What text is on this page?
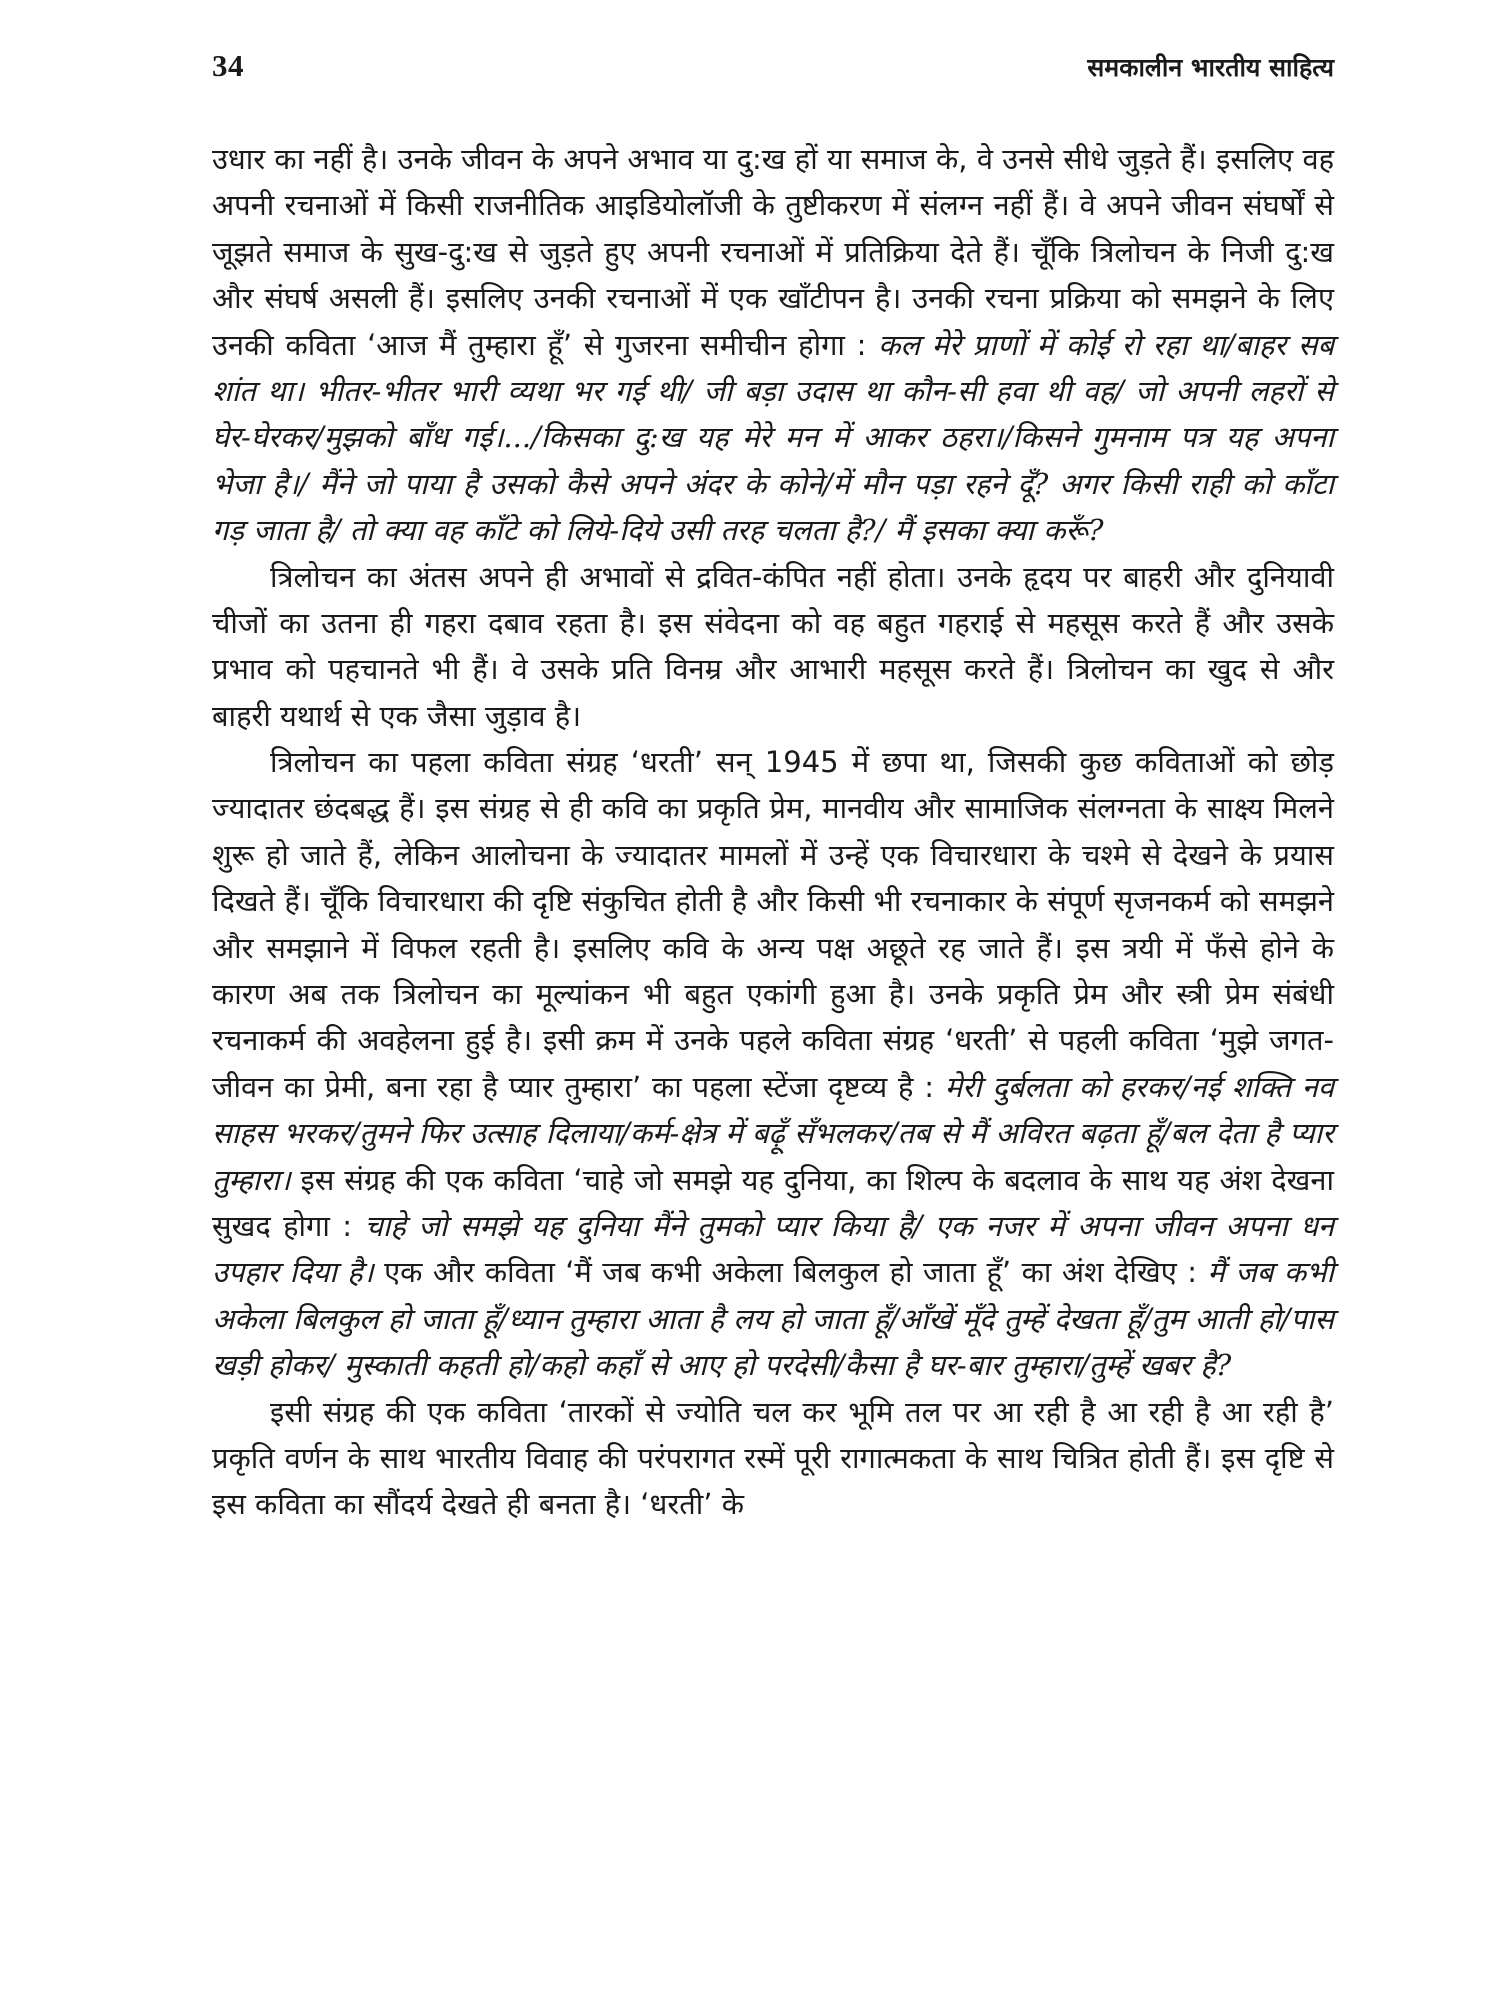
34	समकालीन भारतीय साहित्य

उधार का नहीं है। उनके जीवन के अपने अभाव या दु:ख हों या समाज के, वे उनसे सीधे जुड़ते हैं। इसलिए वह अपनी रचनाओं में किसी राजनीतिक आइडियोलॉजी के तुष्टीकरण में संलग्न नहीं हैं। वे अपने जीवन संघर्षों से जूझते समाज के सुख-दु:ख से जुड़ते हुए अपनी रचनाओं में प्रतिक्रिया देते हैं। चूँकि त्रिलोचन के निजी दु:ख और संघर्ष असली हैं। इसलिए उनकी रचनाओं में एक खाँटीपन है। उनकी रचना प्रक्रिया को समझने के लिए उनकी कविता ‘आज मैं तुम्हारा हूँ’ से गुजरना समीचीन होगा : कल मेरे प्राणों में कोई रो रहा था/बाहर सब शांत था। भीतर-भीतर भारी व्यथा भर गई थी/ जी बड़ा उदास था कौन-सी हवा थी वह/ जो अपनी लहरों से घेर-घेरकर/मुझको बाँध गई।.../किसका दु:ख यह मेरे मन में आकर ठहरा।/किसने गुमनाम पत्र यह अपना भेजा है।/ मैंने जो पाया है उसको कैसे अपने अंदर के कोने/में मौन पड़ा रहने दूँ? अगर किसी राही को काँटा गड़ जाता है/ तो क्या वह काँटे को लिये-दिये उसी तरह चलता है?/ मैं इसका क्या करूँ?

त्रिलोचन का अंतस अपने ही अभावों से द्रवित-कंपित नहीं होता। उनके हृदय पर बाहरी और दुनियावी चीजों का उतना ही गहरा दबाव रहता है। इस संवेदना को वह बहुत गहराई से महसूस करते हैं और उसके प्रभाव को पहचानते भी हैं। वे उसके प्रति विनम्र और आभारी महसूस करते हैं। त्रिलोचन का खुद से और बाहरी यथार्थ से एक जैसा जुड़ाव है।

त्रिलोचन का पहला कविता संग्रह ‘धरती’ सन् 1945 में छपा था, जिसकी कुछ कविताओं को छोड़ ज्यादातर छंदबद्ध हैं। इस संग्रह से ही कवि का प्रकृति प्रेम, मानवीय और सामाजिक संलग्नता के साक्ष्य मिलने शुरू हो जाते हैं, लेकिन आलोचना के ज्यादातर मामलों में उन्हें एक विचारधारा के चश्मे से देखने के प्रयास दिखते हैं। चूँकि विचारधारा की दृष्टि संकुचित होती है और किसी भी रचनाकार के संपूर्ण सृजनकर्म को समझने और समझाने में विफल रहती है। इसलिए कवि के अन्य पक्ष अछूते रह जाते हैं। इस त्रयी में फँसे होने के कारण अब तक त्रिलोचन का मूल्यांकन भी बहुत एकांगी हुआ है। उनके प्रकृति प्रेम और स्त्री प्रेम संबंधी रचनाकर्म की अवहेलना हुई है। इसी क्रम में उनके पहले कविता संग्रह ‘धरती’ से पहली कविता ‘मुझे जगत-जीवन का प्रेमी, बना रहा है प्यार तुम्हारा’ का पहला स्टेंजा दृष्टव्य है : मेरी दुर्बलता को हरकर/नई शक्ति नव साहस भरकर/तुमने फिर उत्साह दिलाया/कर्म-क्षेत्र में बढ़ूँ सँभलकर/तब से मैं अविरत बढ़ता हूँ/बल देता है प्यार तुम्हारा। इस संग्रह की एक कविता ‘चाहे जो समझे यह दुनिया, का शिल्प के बदलाव के साथ यह अंश देखना सुखद होगा : चाहे जो समझे यह दुनिया मैंने तुमको प्यार किया है/ एक नजर में अपना जीवन अपना धन उपहार दिया है। एक और कविता ‘मैं जब कभी अकेला बिलकुल हो जाता हूँ’ का अंश देखिए : मैं जब कभी अकेला बिलकुल हो जाता हूँ/ध्यान तुम्हारा आता है लय हो जाता हूँ/आँखें मूँदे तुम्हें देखता हूँ/तुम आती हो/पास खड़ी होकर/ मुस्काती कहती हो/कहो कहाँ से आए हो परदेसी/कैसा है घर-बार तुम्हारा/तुम्हें खबर है?

इसी संग्रह की एक कविता ‘तारकों से ज्योति चल कर भूमि तल पर आ रही है आ रही है आ रही है’ प्रकृति वर्णन के साथ भारतीय विवाह की परंपरागत रस्में पूरी रागात्मकता के साथ चित्रित होती हैं। इस दृष्टि से इस कविता का सौंदर्य देखते ही बनता है। ‘धरती’ के
